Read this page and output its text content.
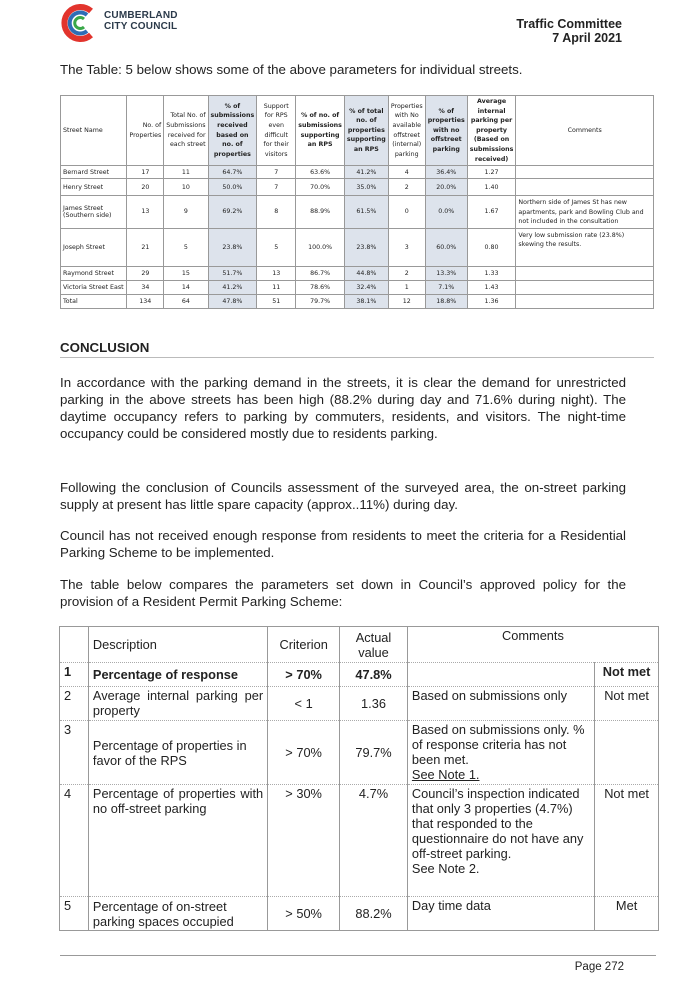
CUMBERLAND
CITY COUNCIL	Traffic Committee
7 April 2021
The Table: 5 below shows some of the above parameters for individual streets.
Street Name	No. of Properties	Total No. of Submissions received for each street	% of submissions received based on no. of properties	Support for RPS even difficult for their visitors	% of no. of submissions supporting an RPS	% of total no. of properties supporting an RPS	Properties with No available offstreet (internal) parking	% of properties with no offstreet parking	Average internal parking per property (Based on submissions received)	Comments
Bernard Street	17	11	64.7%	7	63.6%	41.2%	4	36.4%	1.27	
Henry Street	20	10	50.0%	7	70.0%	35.0%	2	20.0%	1.40	
James Street (Southern side)	13	9	69.2%	8	88.9%	61.5%	0	0.0%	1.67	Northern side of James St has new apartments, park and Bowling Club and not included in the consultation
Joseph Street	21	5	23.8%	5	100.0%	23.8%	3	60.0%	0.80	Very low submission rate (23.8%) skewing the results.
Raymond Street	29	15	51.7%	13	86.7%	44.8%	2	13.3%	1.33	
Victoria Street East	34	14	41.2%	11	78.6%	32.4%	1	7.1%	1.43	
Total	134	64	47.8%	51	79.7%	38.1%	12	18.8%	1.36	
CONCLUSION
In accordance with the parking demand in the streets, it is clear the demand for unrestricted parking in the above streets has been high (88.2% during day and 71.6% during night). The daytime occupancy refers to parking by commuters, residents, and visitors. The night-time occupancy could be considered mostly due to residents parking.
Following the conclusion of Councils assessment of the surveyed area, the on-street parking supply at present has little spare capacity (approx..11%) during day.
Council has not received enough response from residents to meet the criteria for a Residential Parking Scheme to be implemented.
The table below compares the parameters set down in Council’s approved policy for the provision of a Resident Permit Parking Scheme:
	Description	Criterion	Actual value	Comments	
1	Percentage of response	> 70%	47.8%		Not met
2	Average internal parking per property	< 1	1.36	Based on submissions only	Not met
3	Percentage of properties in favor of the RPS	> 70%	79.7%	Based on submissions only. % of response criteria has not been met.
See Note 1.	
4	Percentage of properties with no off-street parking	> 30%	4.7%	Council’s inspection indicated that only 3 properties (4.7%) that responded to the questionnaire do not have any off-street parking.
See Note 2.	Not met
5	Percentage of on-street parking spaces occupied	> 50%	88.2%	Day time data	Met
Page 272
